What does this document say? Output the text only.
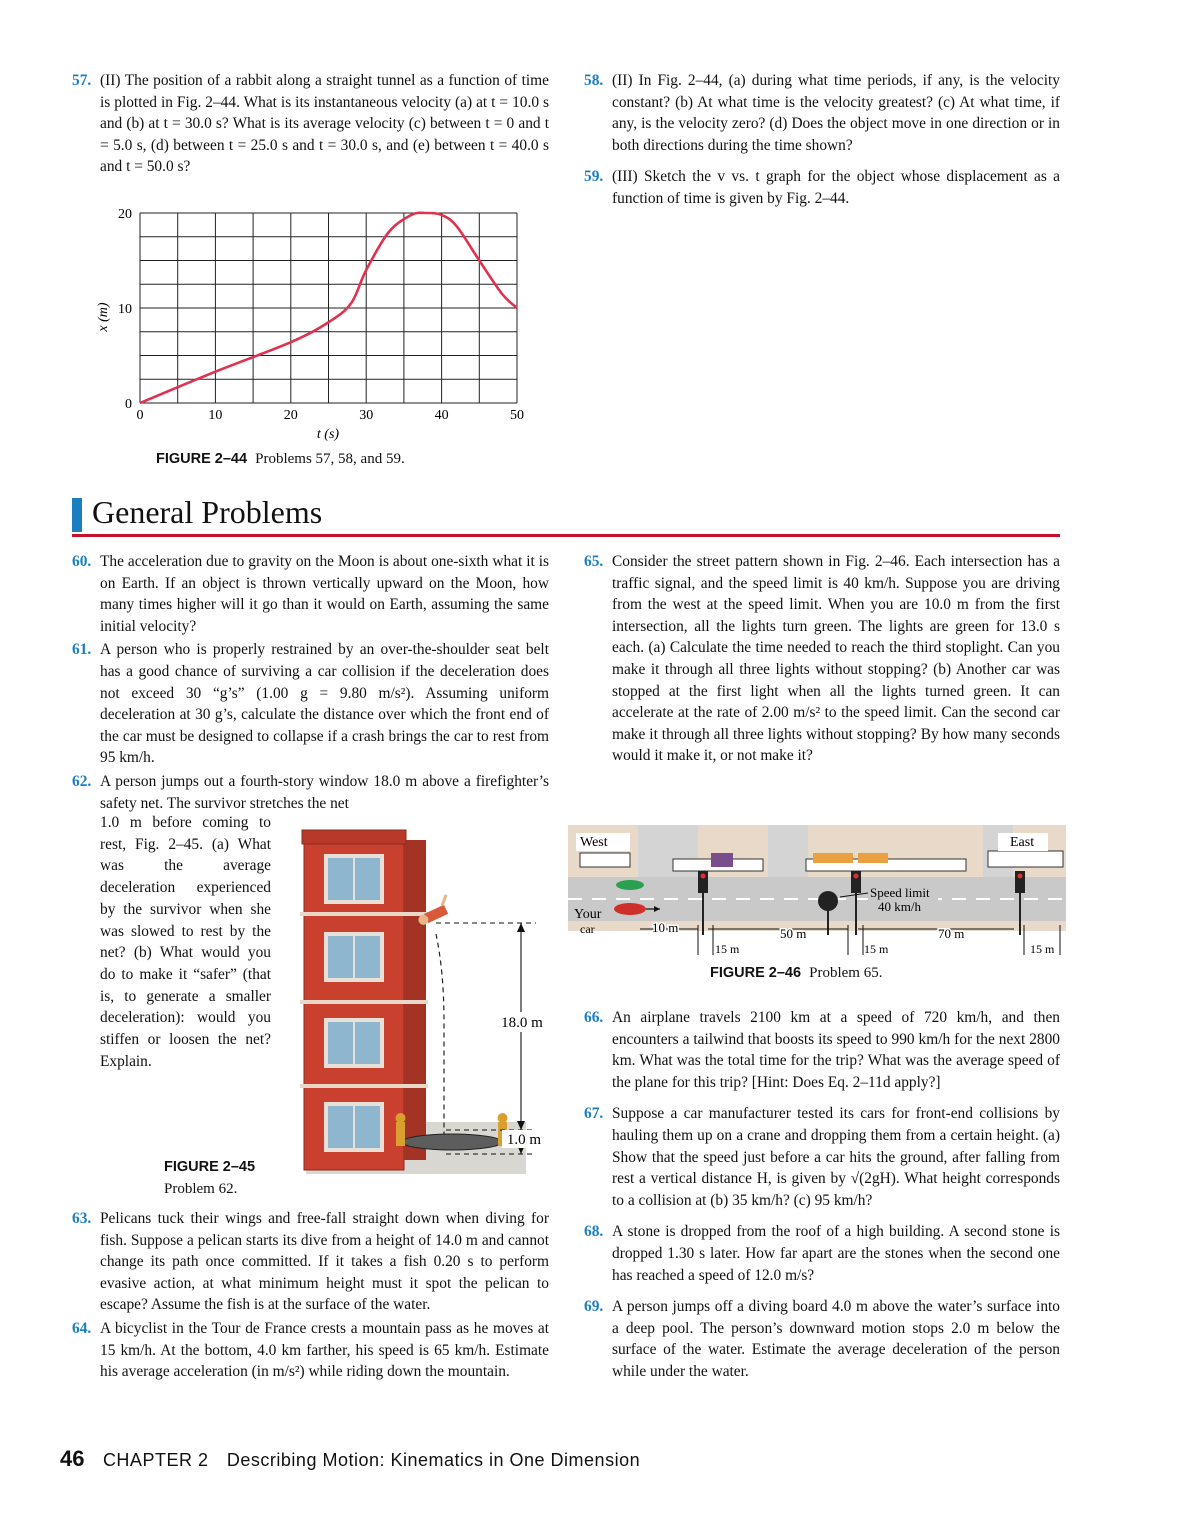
57. (II) The position of a rabbit along a straight tunnel as a function of time is plotted in Fig. 2–44. What is its instantaneous velocity (a) at t = 10.0 s and (b) at t = 30.0 s? What is its average velocity (c) between t = 0 and t = 5.0 s, (d) between t = 25.0 s and t = 30.0 s, and (e) between t = 40.0 s and t = 50.0 s?

0	10	20	30	40	50
0
10
20
t (s)
x (m)
FIGURE 2–44 Problems 57, 58, and 59.
58. (II) In Fig. 2–44, (a) during what time periods, if any, is the velocity constant? (b) At what time is the velocity greatest? (c) At what time, if any, is the velocity zero? (d) Does the object move in one direction or in both directions during the time shown?

59. (III) Sketch the v vs. t graph for the object whose displacement as a function of time is given by Fig. 2–44.

General Problems
60. The acceleration due to gravity on the Moon is about one-sixth what it is on Earth. If an object is thrown vertically upward on the Moon, how many times higher will it go than it would on Earth, assuming the same initial velocity?

61. A person who is properly restrained by an over-the-shoulder seat belt has a good chance of surviving a car collision if the deceleration does not exceed 30 “g’s” (1.00 g = 9.80 m/s²). Assuming uniform deceleration at 30 g’s, calculate the distance over which the front end of the car must be designed to collapse if a crash brings the car to rest from 95 km/h.

62. A person jumps out a fourth-story window 18.0 m above a firefighter’s safety net. The survivor stretches the net

1.0 m before coming to rest, Fig. 2–45. (a) What was the average deceleration experienced by the survivor when she was slowed to rest by the net? (b) What would you do to make it “safer” (that is, to generate a smaller deceleration): would you stiffen or loosen the net? Explain.

18.0 m
1.0 m
FIGURE 2–45
Problem 62.
63. Pelicans tuck their wings and free-fall straight down when diving for fish. Suppose a pelican starts its dive from a height of 14.0 m and cannot change its path once committed. If it takes a fish 0.20 s to perform evasive action, at what minimum height must it spot the pelican to escape? Assume the fish is at the surface of the water.

64. A bicyclist in the Tour de France crests a mountain pass as he moves at 15 km/h. At the bottom, 4.0 km farther, his speed is 65 km/h. Estimate his average acceleration (in m/s²) while riding down the mountain.

65. Consider the street pattern shown in Fig. 2–46. Each intersection has a traffic signal, and the speed limit is 40 km/h. Suppose you are driving from the west at the speed limit. When you are 10.0 m from the first intersection, all the lights turn green. The lights are green for 13.0 s each. (a) Calculate the time needed to reach the third stoplight. Can you make it through all three lights without stopping? (b) Another car was stopped at the first light when all the lights turned green. It can accelerate at the rate of 2.00 m/s² to the speed limit. Can the second car make it through all three lights without stopping? By how many seconds would it make it, or not make it?

West	East
Your
car
Speed limit
40 km/h
10 m	50 m	70 m
15 m	15 m	15 m
FIGURE 2–46 Problem 65.
66. An airplane travels 2100 km at a speed of 720 km/h, and then encounters a tailwind that boosts its speed to 990 km/h for the next 2800 km. What was the total time for the trip? What was the average speed of the plane for this trip? [Hint: Does Eq. 2–11d apply?]

67. Suppose a car manufacturer tested its cars for front-end collisions by hauling them up on a crane and dropping them from a certain height. (a) Show that the speed just before a car hits the ground, after falling from rest a vertical distance H, is given by √(2gH). What height corresponds to a collision at (b) 35 km/h? (c) 95 km/h?

68. A stone is dropped from the roof of a high building. A second stone is dropped 1.30 s later. How far apart are the stones when the second one has reached a speed of 12.0 m/s?

69. A person jumps off a diving board 4.0 m above the water’s surface into a deep pool. The person’s downward motion stops 2.0 m below the surface of the water. Estimate the average deceleration of the person while under the water.

46 CHAPTER 2 Describing Motion: Kinematics in One Dimension
